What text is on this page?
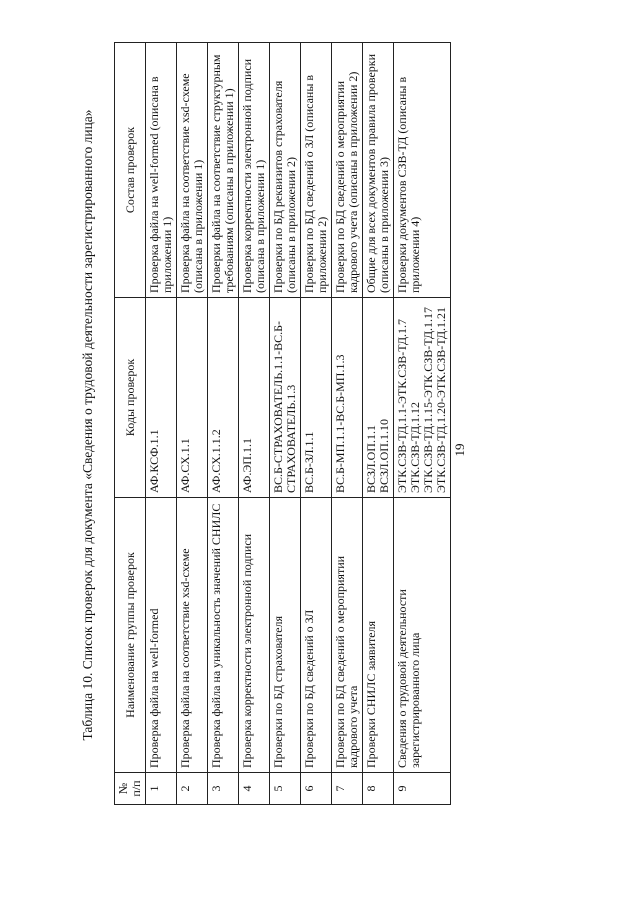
19
Таблица 10. Список проверок для документа «Сведения о трудовой деятельности зарегистрированного лица»
№ п/п	Наименование группы проверок	Коды проверок	Состав проверок
1	Проверка файла на well-formed	АФ.КСФ.1.1	Проверка файла на well-formed (описана в приложении 1)
2	Проверка файла на соответствие xsd-схеме	АФ.СХ.1.1	Проверка файла на соответствие xsd-схеме (описана в приложении 1)
3	Проверка файла на уникальность значений СНИЛС	АФ.СХ.1.1.2	Проверки файла на соответствие структурным требованиям (описаны в приложении 1)
4	Проверка корректности электронной подписи	АФ.ЭП.1.1	Проверка корректности электронной подписи (описана в приложении 1)
5	Проверки по БД страхователя	ВС.Б-СТРАХОВАТЕЛЬ.1.1-ВС.Б-СТРАХОВАТЕЛЬ.1.3	Проверки по БД реквизитов страхователя (описаны в приложении 2)
6	Проверки по БД сведений о ЗЛ	ВС.Б-ЗЛ.1.1	Проверки по БД сведений о ЗЛ (описаны в приложении 2)
7	Проверки по БД сведений о мероприятии кадрового учета	ВС.Б-МП.1.1-ВС.Б-МП.1.3	Проверки по БД сведений о мероприятии кадрового учета (описаны в приложении 2)
8	Проверки СНИЛС заявителя	ВСЗЛ.ОП.1.1 ВСЗЛ.ОП.1.10	Общие для всех документов правила проверки (описаны в приложении 3)
9	Сведения о трудовой деятельности зарегистрированного лица	ЭТК.СЗВ-ТД.1.1-ЭТК.СЗВ-ТД.1.7 ЭТК.СЗВ-ТД.1.12 ЭТК.СЗВ-ТД.1.15-ЭТК.СЗВ-ТД.1.17 ЭТК.СЗВ-ТД.1.20-ЭТК.СЗВ-ТД.1.21	Проверки документов СЗВ-ТД (описаны в приложении 4)
